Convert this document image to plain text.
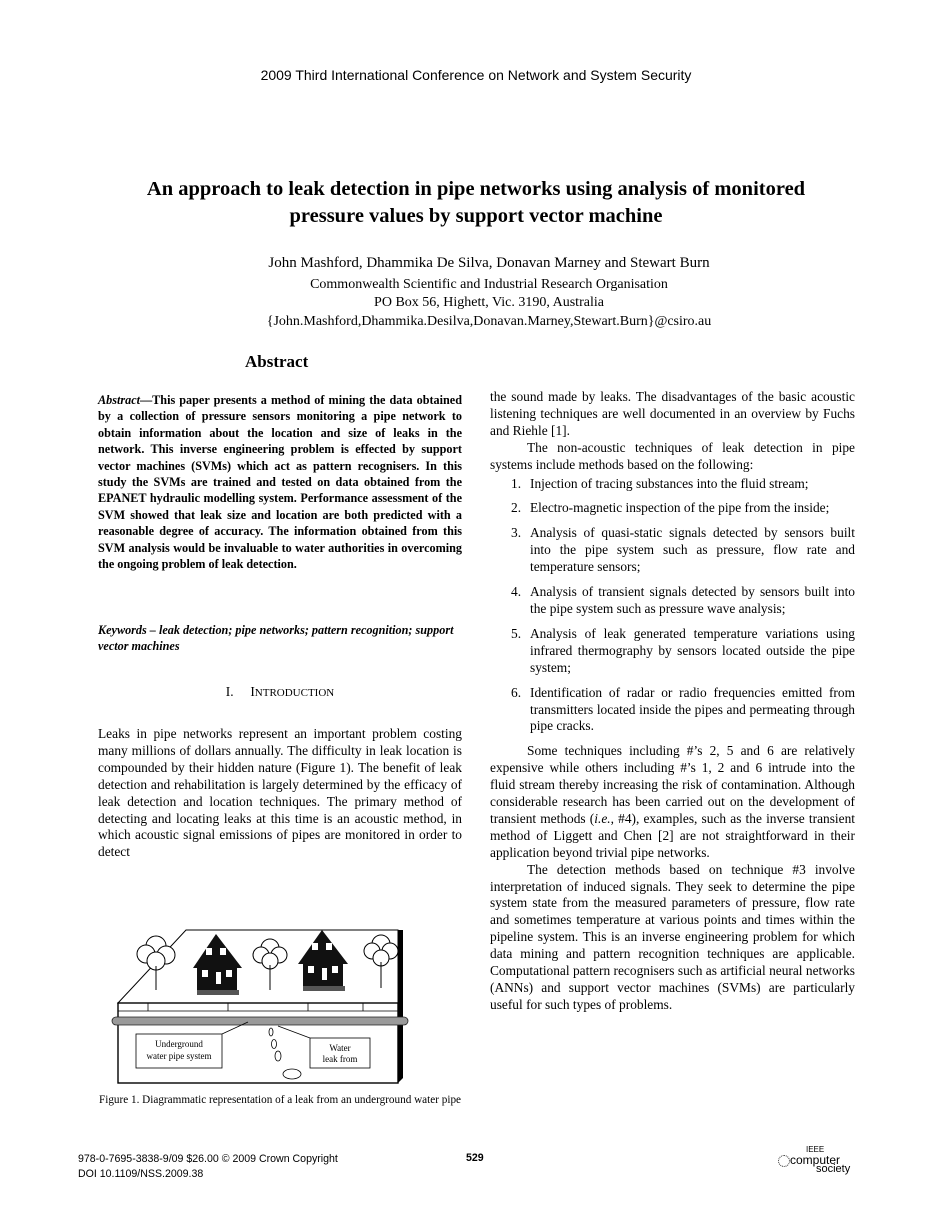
2009 Third International Conference on Network and System Security
An approach to leak detection in pipe networks using analysis of monitored
pressure values by support vector machine
John Mashford, Dhammika De Silva, Donavan Marney and Stewart Burn
Commonwealth Scientific and Industrial Research Organisation
PO Box 56, Highett, Vic. 3190, Australia
{John.Mashford,Dhammika.Desilva,Donavan.Marney,Stewart.Burn}@csiro.au
Abstract
Abstract—This paper presents a method of mining the data obtained by a collection of pressure sensors monitoring a pipe network to obtain information about the location and size of leaks in the network. This inverse engineering problem is effected by support vector machines (SVMs) which act as pattern recognisers. In this study the SVMs are trained and tested on data obtained from the EPANET hydraulic modelling system. Performance assessment of the SVM showed that leak size and location are both predicted with a reasonable degree of accuracy. The information obtained from this SVM analysis would be invaluable to water authorities in overcoming the ongoing problem of leak detection.
Keywords – leak detection; pipe networks; pattern recognition; support vector machines
I. INTRODUCTION
Leaks in pipe networks represent an important problem costing many millions of dollars annually. The difficulty in leak location is compounded by their hidden nature (Figure 1). The benefit of leak detection and rehabilitation is largely determined by the efficacy of leak detection and location techniques. The primary method of detecting and locating leaks at this time is an acoustic method, in which acoustic signal emissions of pipes are monitored in order to detect
Underground
water pipe system
Water
leak from
Figure 1. Diagrammatic representation of a leak from an underground water pipe
the sound made by leaks. The disadvantages of the basic acoustic listening techniques are well documented in an overview by Fuchs and Riehle [1].
The non-acoustic techniques of leak detection in pipe systems include methods based on the following:
1. Injection of tracing substances into the fluid stream;
2. Electro-magnetic inspection of the pipe from the inside;
3. Analysis of quasi-static signals detected by sensors built into the pipe system such as pressure, flow rate and temperature sensors;
4. Analysis of transient signals detected by sensors built into the pipe system such as pressure wave analysis;
5. Analysis of leak generated temperature variations using infrared thermography by sensors located outside the pipe system;
6. Identification of radar or radio frequencies emitted from transmitters located inside the pipes and permeating through pipe cracks.
Some techniques including #’s 2, 5 and 6 are relatively expensive while others including #’s 1, 2 and 6 intrude into the fluid stream thereby increasing the risk of contamination. Although considerable research has been carried out on the development of transient methods (i.e., #4), examples, such as the inverse transient method of Liggett and Chen [2] are not straightforward in their application beyond trivial pipe networks.
The detection methods based on technique #3 involve interpretation of induced signals. They seek to determine the pipe system state from the measured parameters of pressure, flow rate and sometimes temperature at various points and times within the pipeline system. This is an inverse engineering problem for which data mining and pattern recognition techniques are applicable. Computational pattern recognisers such as artificial neural networks (ANNs) and support vector machines (SVMs) are particularly useful for such types of problems.
978-0-7695-3838-9/09 $26.00 © 2009 Crown Copyright
DOI 10.1109/NSS.2009.38
529
IEEE
computer
society
